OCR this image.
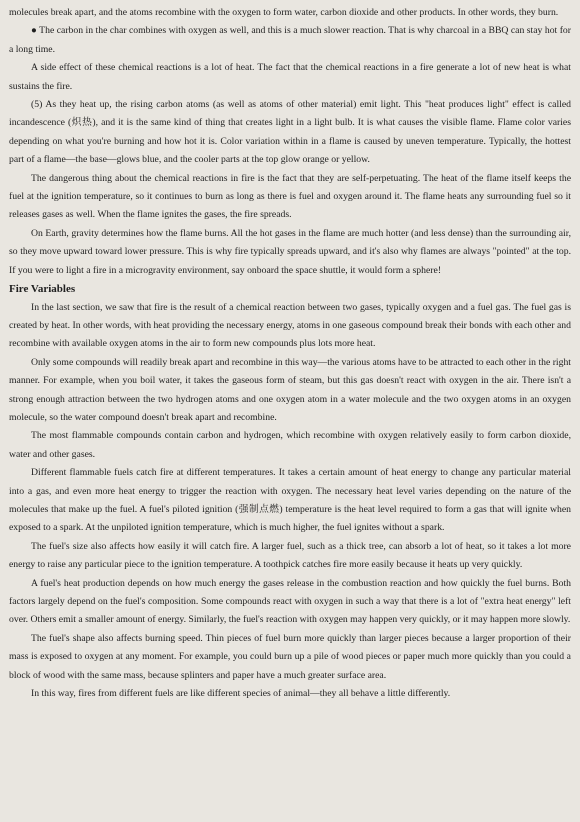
molecules break apart, and the atoms recombine with the oxygen to form water, carbon dioxide and other products. In other words, they burn.

● The carbon in the char combines with oxygen as well, and this is a much slower reaction. That is why charcoal in a BBQ can stay hot for a long time.

A side effect of these chemical reactions is a lot of heat. The fact that the chemical reactions in a fire generate a lot of new heat is what sustains the fire.

(5) As they heat up, the rising carbon atoms (as well as atoms of other material) emit light. This "heat produces light" effect is called incandescence (炽热), and it is the same kind of thing that creates light in a light bulb. It is what causes the visible flame. Flame color varies depending on what you're burning and how hot it is. Color variation within in a flame is caused by uneven temperature. Typically, the hottest part of a flame—the base—glows blue, and the cooler parts at the top glow orange or yellow.

The dangerous thing about the chemical reactions in fire is the fact that they are self-perpetuating. The heat of the flame itself keeps the fuel at the ignition temperature, so it continues to burn as long as there is fuel and oxygen around it. The flame heats any surrounding fuel so it releases gases as well. When the flame ignites the gases, the fire spreads.

On Earth, gravity determines how the flame burns. All the hot gases in the flame are much hotter (and less dense) than the surrounding air, so they move upward toward lower pressure. This is why fire typically spreads upward, and it's also why flames are always "pointed" at the top. If you were to light a fire in a microgravity environment, say onboard the space shuttle, it would form a sphere!

Fire Variables

In the last section, we saw that fire is the result of a chemical reaction between two gases, typically oxygen and a fuel gas. The fuel gas is created by heat. In other words, with heat providing the necessary energy, atoms in one gaseous compound break their bonds with each other and recombine with available oxygen atoms in the air to form new compounds plus lots more heat.

Only some compounds will readily break apart and recombine in this way—the various atoms have to be attracted to each other in the right manner. For example, when you boil water, it takes the gaseous form of steam, but this gas doesn't react with oxygen in the air. There isn't a strong enough attraction between the two hydrogen atoms and one oxygen atom in a water molecule and the two oxygen atoms in an oxygen molecule, so the water compound doesn't break apart and recombine.

The most flammable compounds contain carbon and hydrogen, which recombine with oxygen relatively easily to form carbon dioxide, water and other gases.

Different flammable fuels catch fire at different temperatures. It takes a certain amount of heat energy to change any particular material into a gas, and even more heat energy to trigger the reaction with oxygen. The necessary heat level varies depending on the nature of the molecules that make up the fuel. A fuel's piloted ignition (强制点燃) temperature is the heat level required to form a gas that will ignite when exposed to a spark. At the unpiloted ignition temperature, which is much higher, the fuel ignites without a spark.

The fuel's size also affects how easily it will catch fire. A larger fuel, such as a thick tree, can absorb a lot of heat, so it takes a lot more energy to raise any particular piece to the ignition temperature. A toothpick catches fire more easily because it heats up very quickly.

A fuel's heat production depends on how much energy the gases release in the combustion reaction and how quickly the fuel burns. Both factors largely depend on the fuel's composition. Some compounds react with oxygen in such a way that there is a lot of "extra heat energy" left over. Others emit a smaller amount of energy. Similarly, the fuel's reaction with oxygen may happen very quickly, or it may happen more slowly.

The fuel's shape also affects burning speed. Thin pieces of fuel burn more quickly than larger pieces because a larger proportion of their mass is exposed to oxygen at any moment. For example, you could burn up a pile of wood pieces or paper much more quickly than you could a block of wood with the same mass, because splinters and paper have a much greater surface area.

In this way, fires from different fuels are like different species of animal—they all behave a little differently.
